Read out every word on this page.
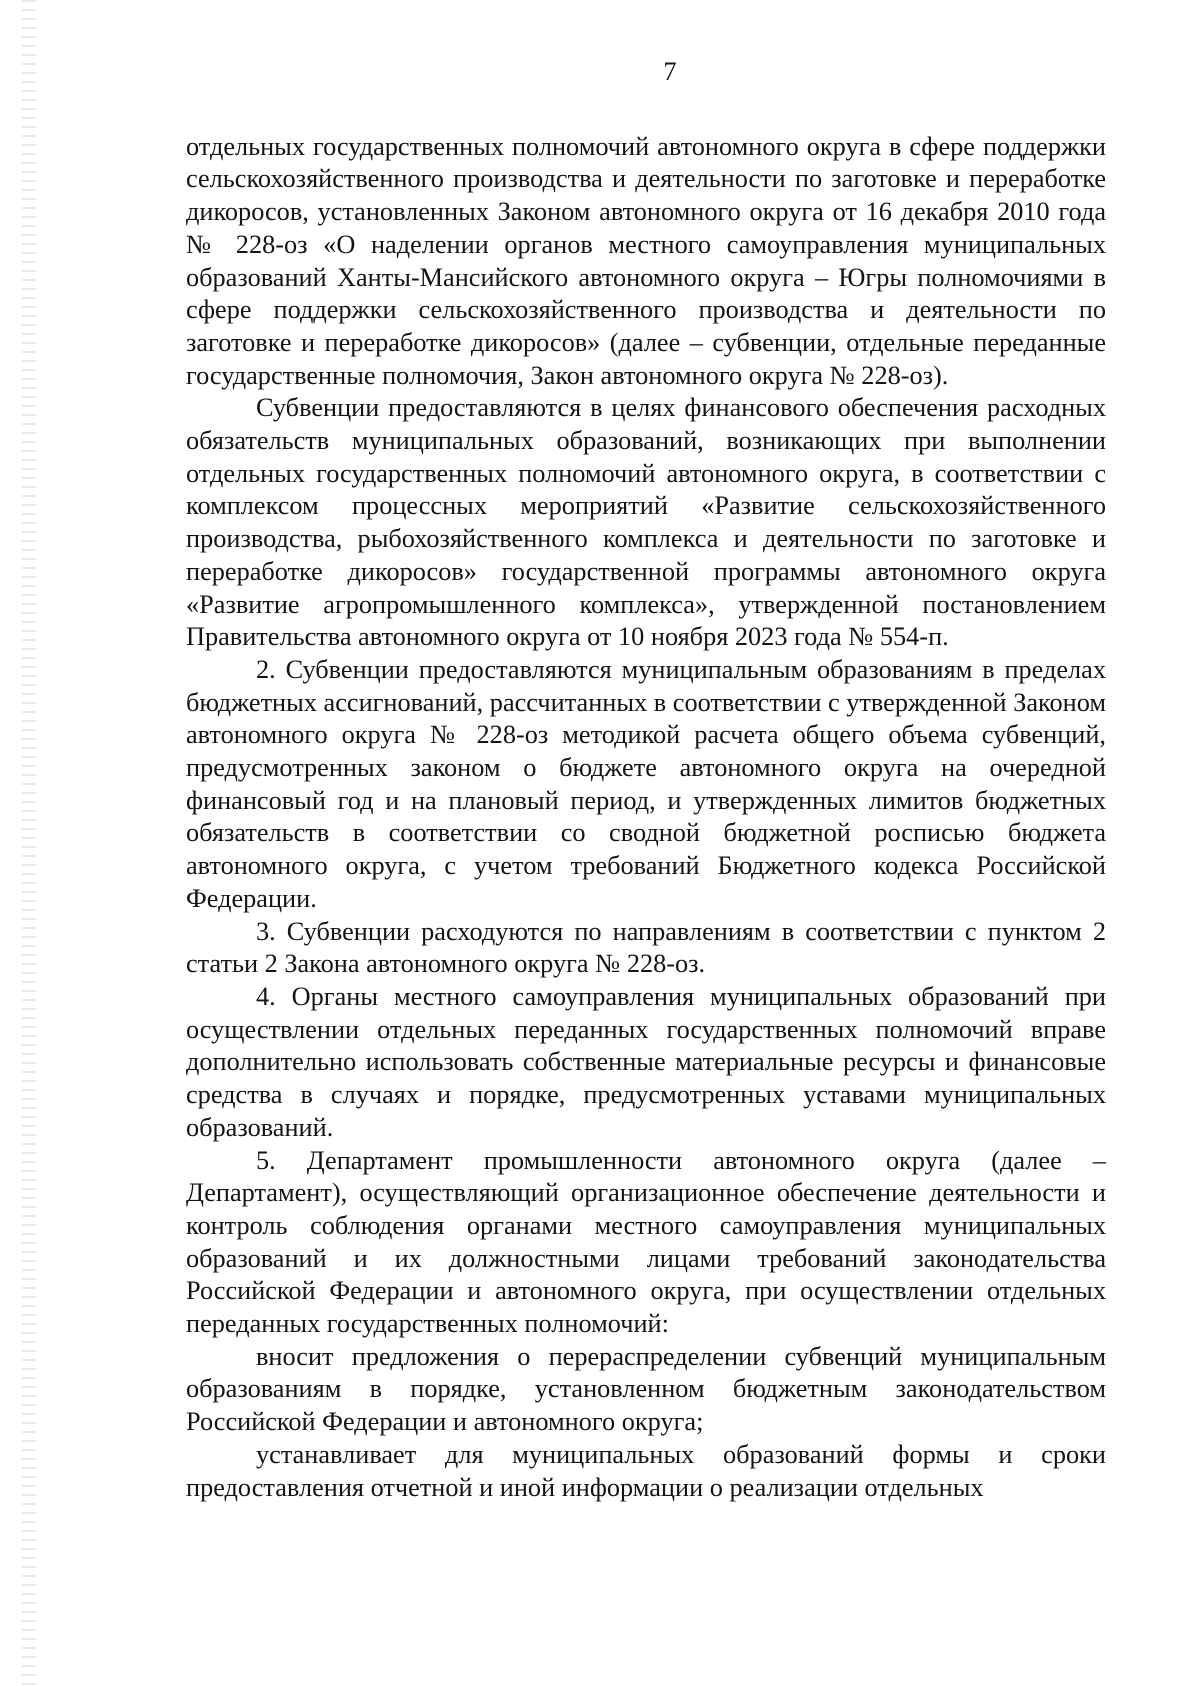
7

отдельных государственных полномочий автономного округа в сфере поддержки сельскохозяйственного производства и деятельности по заготовке и переработке дикоросов, установленных Законом автономного округа от 16 декабря 2010 года № 228-оз «О наделении органов местного самоуправления муниципальных образований Ханты-Мансийского автономного округа – Югры полномочиями в сфере поддержки сельскохозяйственного производства и деятельности по заготовке и переработке дикоросов» (далее – субвенции, отдельные переданные государственные полномочия, Закон автономного округа № 228-оз).

Субвенции предоставляются в целях финансового обеспечения расходных обязательств муниципальных образований, возникающих при выполнении отдельных государственных полномочий автономного округа, в соответствии с комплексом процессных мероприятий «Развитие сельскохозяйственного производства, рыбохозяйственного комплекса и деятельности по заготовке и переработке дикоросов» государственной программы автономного округа «Развитие агропромышленного комплекса», утвержденной постановлением Правительства автономного округа от 10 ноября 2023 года № 554-п.

2. Субвенции предоставляются муниципальным образованиям в пределах бюджетных ассигнований, рассчитанных в соответствии с утвержденной Законом автономного округа № 228-оз методикой расчета общего объема субвенций, предусмотренных законом о бюджете автономного округа на очередной финансовый год и на плановый период, и утвержденных лимитов бюджетных обязательств в соответствии со сводной бюджетной росписью бюджета автономного округа, с учетом требований Бюджетного кодекса Российской Федерации.

3. Субвенции расходуются по направлениям в соответствии с пунктом 2 статьи 2 Закона автономного округа № 228-оз.

4. Органы местного самоуправления муниципальных образований при осуществлении отдельных переданных государственных полномочий вправе дополнительно использовать собственные материальные ресурсы и финансовые средства в случаях и порядке, предусмотренных уставами муниципальных образований.

5. Департамент промышленности автономного округа (далее – Департамент), осуществляющий организационное обеспечение деятельности и контроль соблюдения органами местного самоуправления муниципальных образований и их должностными лицами требований законодательства Российской Федерации и автономного округа, при осуществлении отдельных переданных государственных полномочий:

вносит предложения о перераспределении субвенций муниципальным образованиям в порядке, установленном бюджетным законодательством Российской Федерации и автономного округа;

устанавливает для муниципальных образований формы и сроки предоставления отчетной и иной информации о реализации отдельных
